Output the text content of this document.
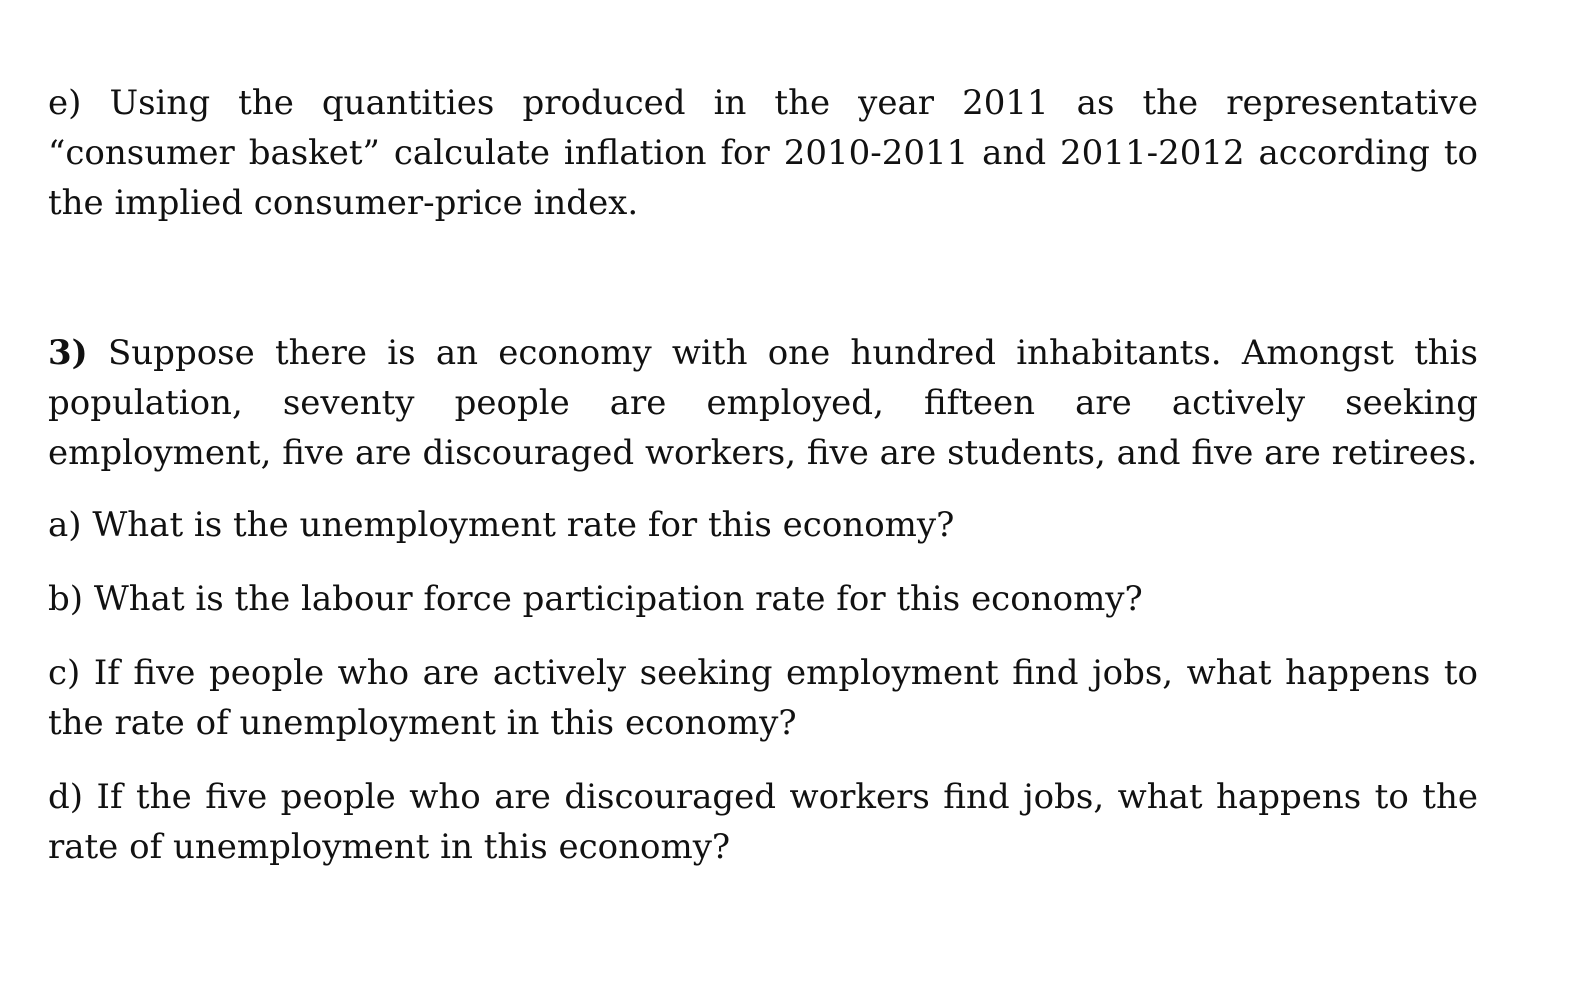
e) Using the quantities produced in the year 2011 as the representative “consumer basket” calculate inflation for 2010-2011 and 2011-2012 according to the implied consumer-price index.

3) Suppose there is an economy with one hundred inhabitants. Amongst this population, seventy people are employed, fifteen are actively seeking employment, five are discouraged workers, five are students, and five are retirees.

a) What is the unemployment rate for this economy?

b) What is the labour force participation rate for this economy?

c) If five people who are actively seeking employment find jobs, what happens to the rate of unemployment in this economy?

d) If the five people who are discouraged workers find jobs, what happens to the rate of unemployment in this economy?
